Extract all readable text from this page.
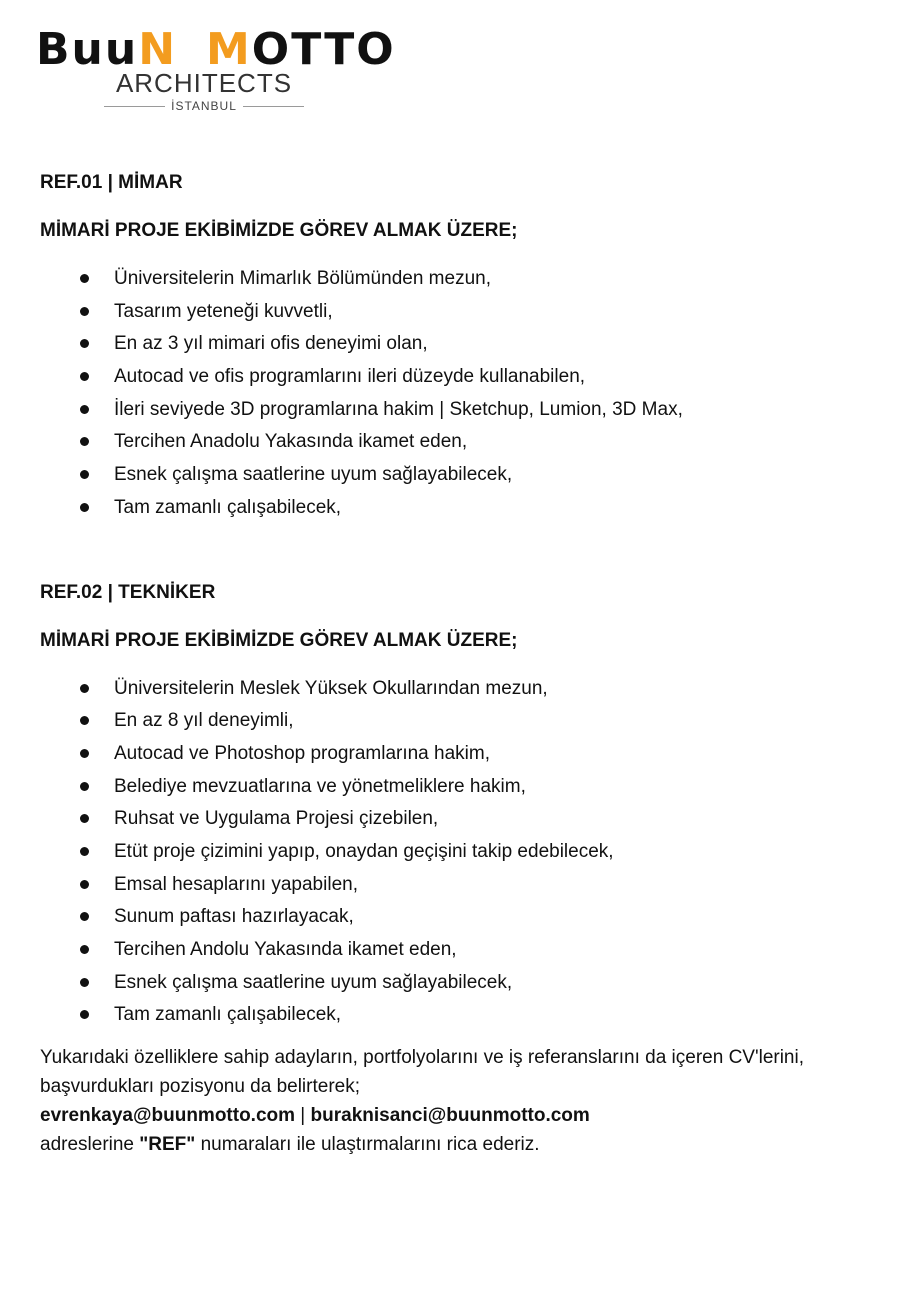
BuuN MOTTO
ARCHITECTS
İSTANBUL

REF.01 | MİMAR

MİMARİ PROJE EKİBİMİZDE GÖREV ALMAK ÜZERE;

Üniversitelerin Mimarlık Bölümünden mezun,
Tasarım yeteneği kuvvetli,
En az 3 yıl mimari ofis deneyimi olan,
Autocad ve ofis programlarını ileri düzeyde kullanabilen,
İleri seviyede 3D programlarına hakim | Sketchup, Lumion, 3D Max,
Tercihen Anadolu Yakasında ikamet eden,
Esnek çalışma saatlerine uyum sağlayabilecek,
Tam zamanlı çalışabilecek,

REF.02 | TEKNİKER

MİMARİ PROJE EKİBİMİZDE GÖREV ALMAK ÜZERE;

Üniversitelerin Meslek Yüksek Okullarından mezun,
En az 8 yıl deneyimli,
Autocad ve Photoshop programlarına hakim,
Belediye mevzuatlarına ve yönetmeliklere hakim,
Ruhsat ve Uygulama Projesi çizebilen,
Etüt proje çizimini yapıp, onaydan geçişini takip edebilecek,
Emsal hesaplarını yapabilen,
Sunum paftası hazırlayacak,
Tercihen Andolu Yakasında ikamet eden,
Esnek çalışma saatlerine uyum sağlayabilecek,
Tam zamanlı çalışabilecek,

Yukarıdaki özelliklere sahip adayların, portfolyolarını ve iş referanslarını da içeren CV'lerini,

başvurdukları pozisyonu da belirterek;

evrenkaya@buunmotto.com | buraknisanci@buunmotto.com

adreslerine "REF" numaraları ile ulaştırmalarını rica ederiz.
